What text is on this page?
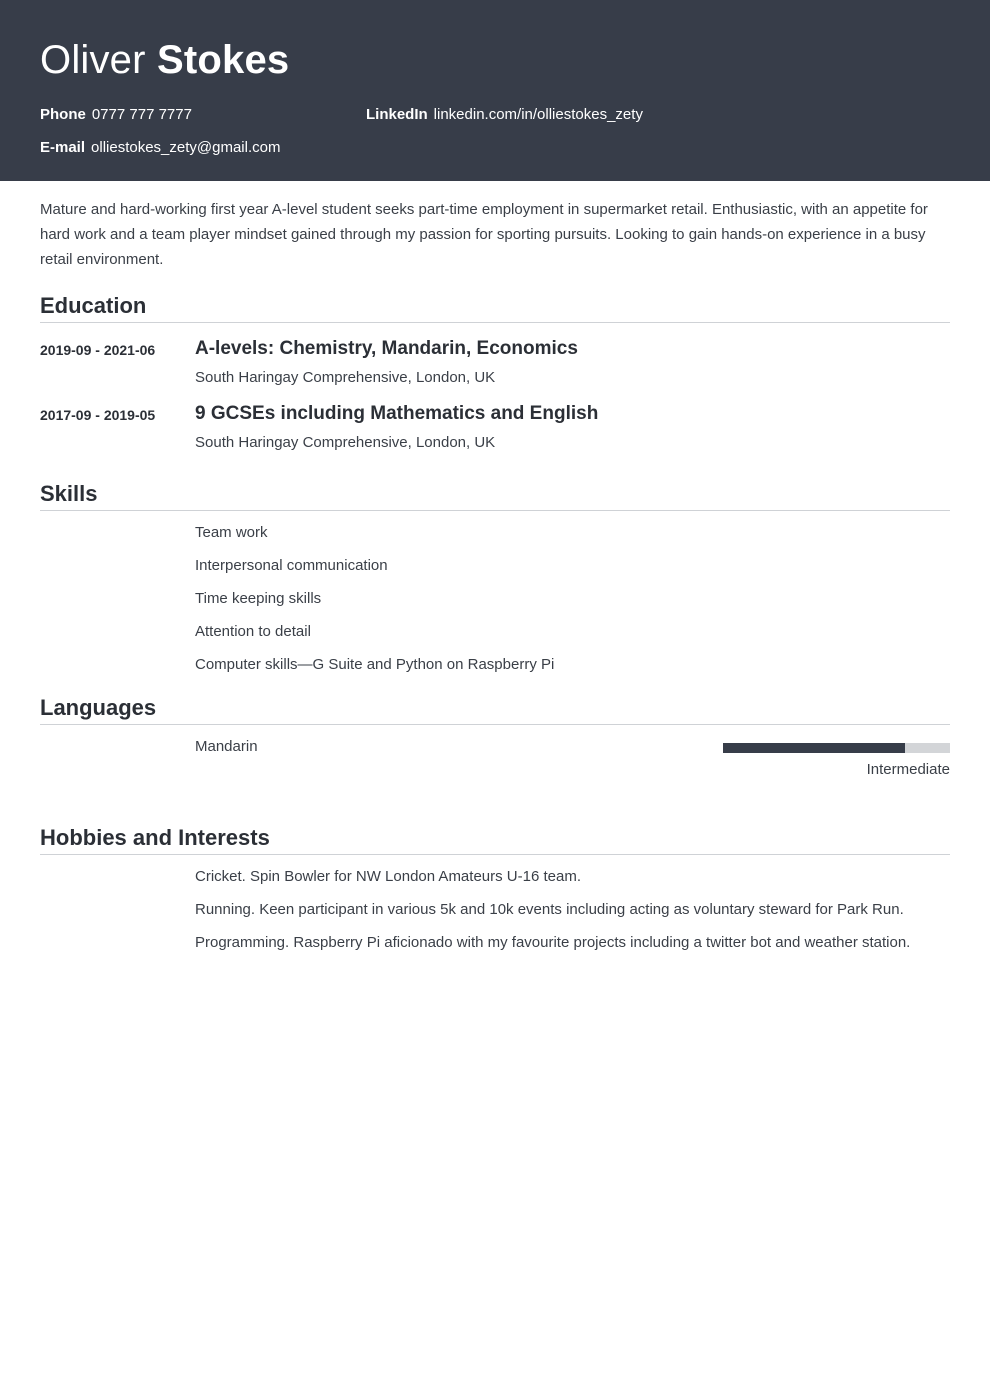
Oliver Stokes
Phone 0777 777 7777
E-mail olliestokes_zety@gmail.com
LinkedIn linkedin.com/in/olliestokes_zety

Mature and hard-working first year A-level student seeks part-time employment in supermarket retail. Enthusiastic, with an appetite for hard work and a team player mindset gained through my passion for sporting pursuits. Looking to gain hands-on experience in a busy retail environment.

Education
2019-09 - 2021-06 A-levels: Chemistry, Mandarin, Economics
South Haringay Comprehensive, London, UK
2017-09 - 2019-05 9 GCSEs including Mathematics and English
South Haringay Comprehensive, London, UK
Skills
Team work
Interpersonal communication
Time keeping skills
Attention to detail
Computer skills—G Suite and Python on Raspberry Pi
Languages
Mandarin
Intermediate
Hobbies and Interests
Cricket. Spin Bowler for NW London Amateurs U-16 team.
Running. Keen participant in various 5k and 10k events including acting as voluntary steward for Park Run.
Programming. Raspberry Pi aficionado with my favourite projects including a twitter bot and weather station.
